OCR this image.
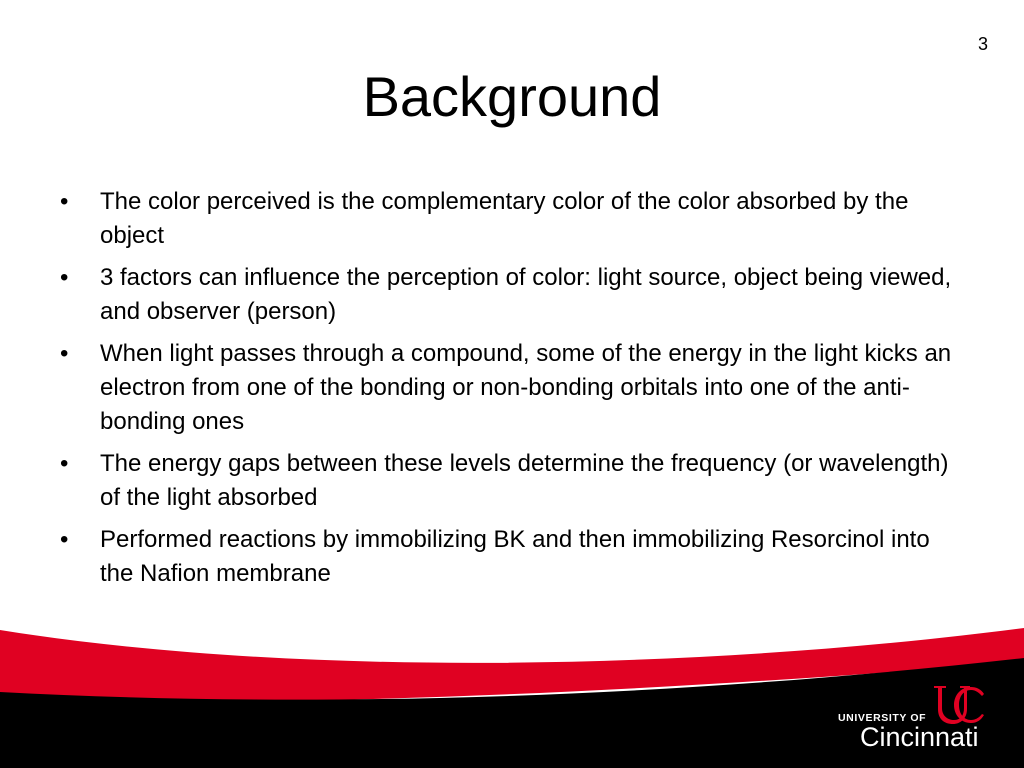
3
Background
• The color perceived is the complementary color of the color absorbed by the object
• 3 factors can influence the perception of color: light source, object being viewed, and observer (person)
• When light passes through a compound, some of the energy in the light kicks an electron from one of the bonding or non-bonding orbitals into one of the anti-bonding ones
• The energy gaps between these levels determine the frequency (or wavelength) of the light absorbed
• Performed reactions by immobilizing BK and then immobilizing Resorcinol into the Nafion membrane
UNIVERSITY OF
Cincinnati
